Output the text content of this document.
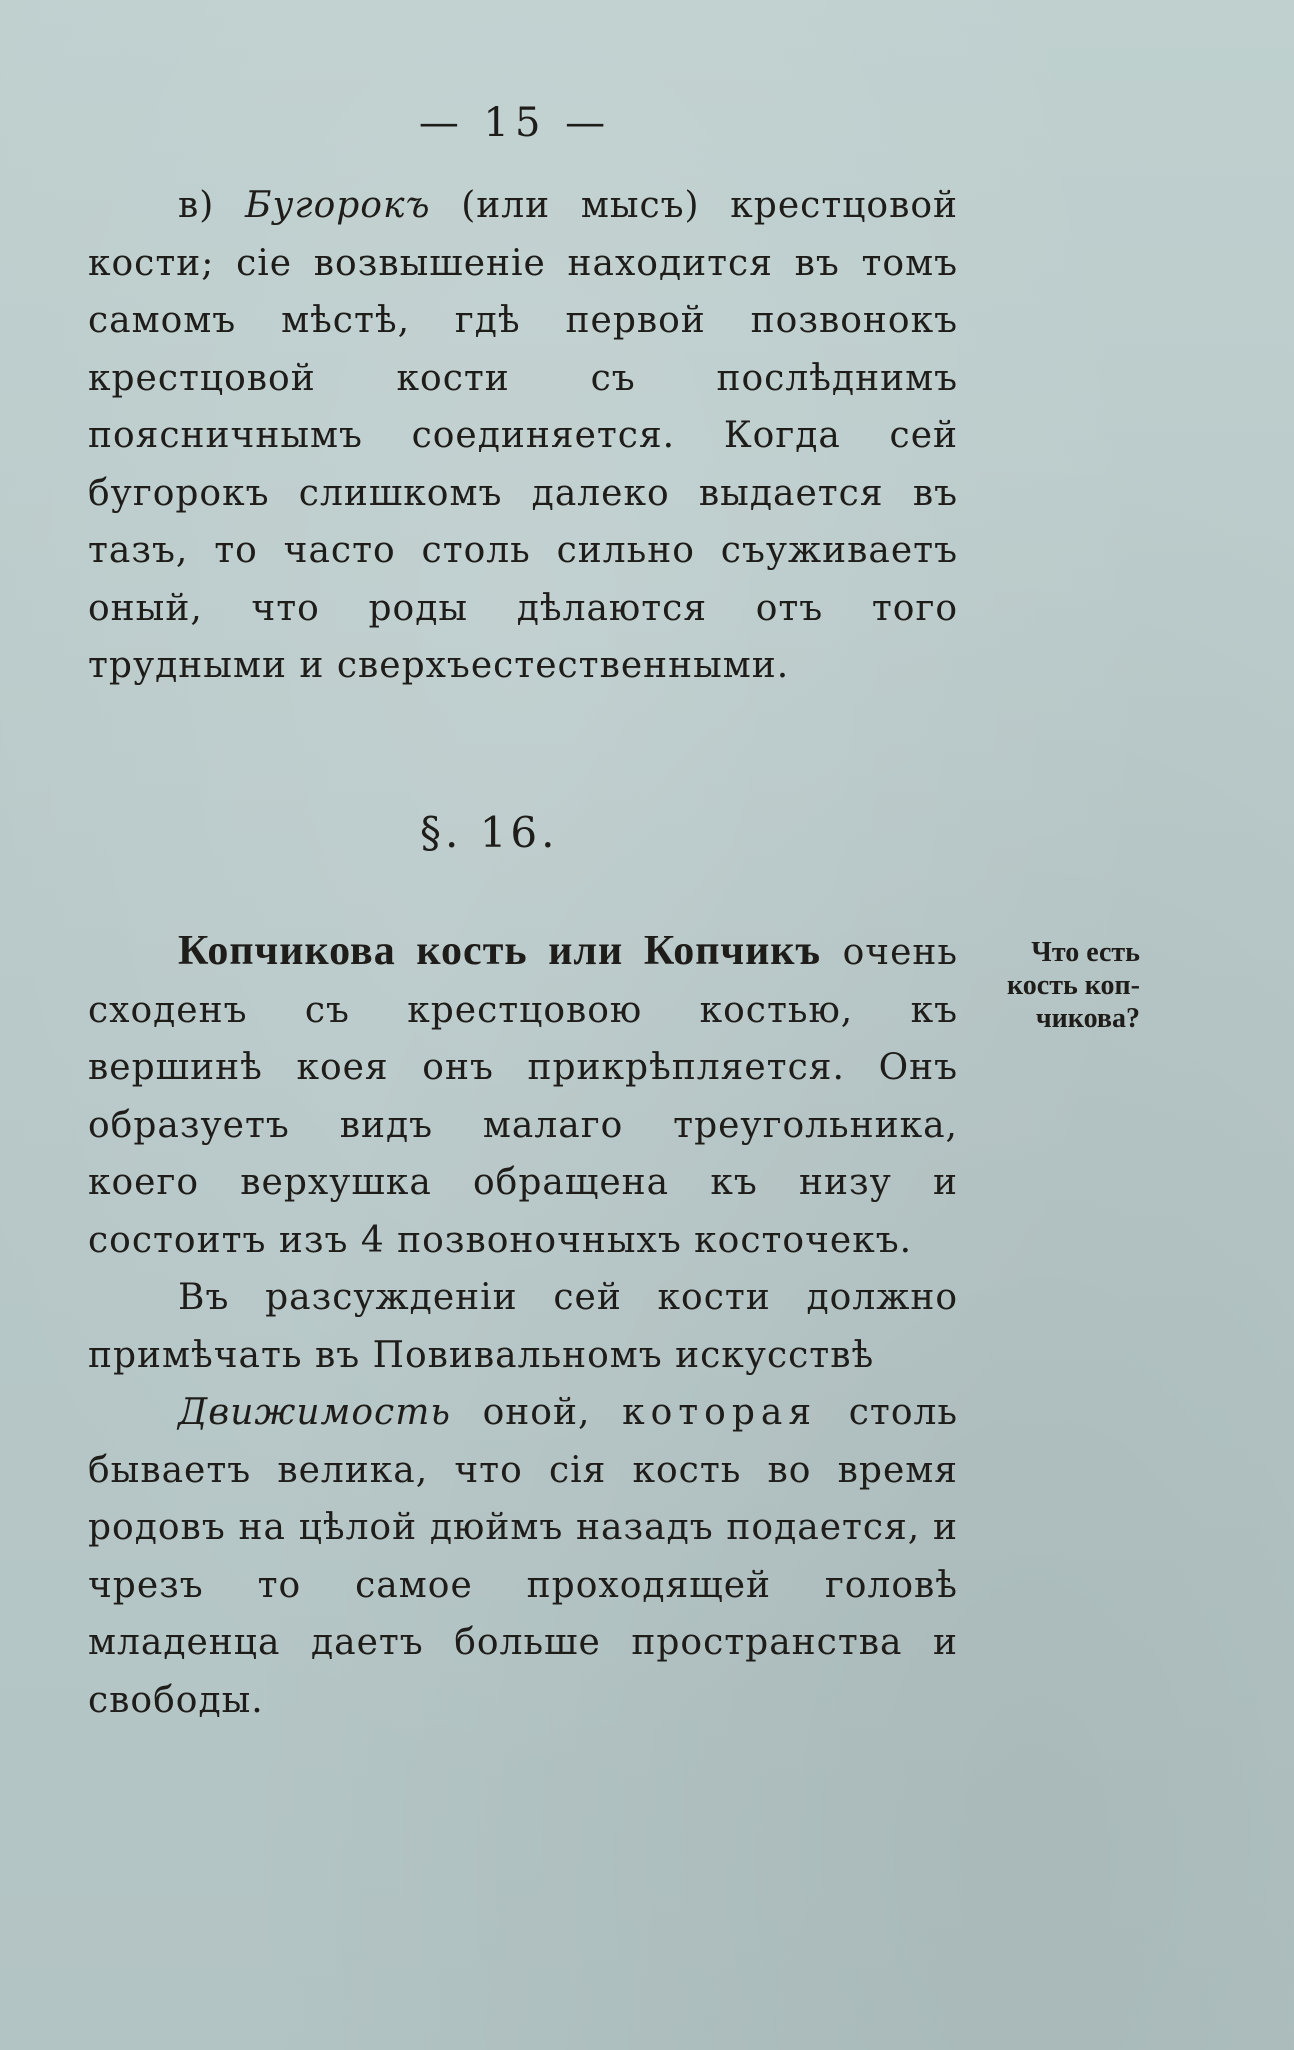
— 15 —

в) Бугорокъ (или мысъ) крестцовой кости; сіе возвышеніе находится въ томъ самомъ мѣстѣ, гдѣ первой позвонокъ крестцовой кости съ послѣднимъ поясничнымъ соединяется. Когда сей бугорокъ слишкомъ далеко выдается въ тазъ, то часто столь сильно съуживаетъ оный, что роды дѣлаются отъ того трудными и сверхъестественными.

§. 16.

Копчикова кость или Копчикъ очень сходенъ съ крестцовою костью, къ вершинѣ коея онъ прикрѣпляется. Онъ образуетъ видъ малаго треугольника, коего верхушка обращена къ низу и состоитъ изъ 4 позвоночныхъ косточекъ.

Въ разсужденіи сей кости должно примѣчать въ Повивальномъ искусствѣ

Движимость оной, которая столь бываетъ велика, что сія кость во время родовъ на цѣлой дюймъ назадъ подается, и чрезъ то самое проходящей головѣ младенца даетъ больше пространства и свободы.

Что есть
кость коп-
чикова?
